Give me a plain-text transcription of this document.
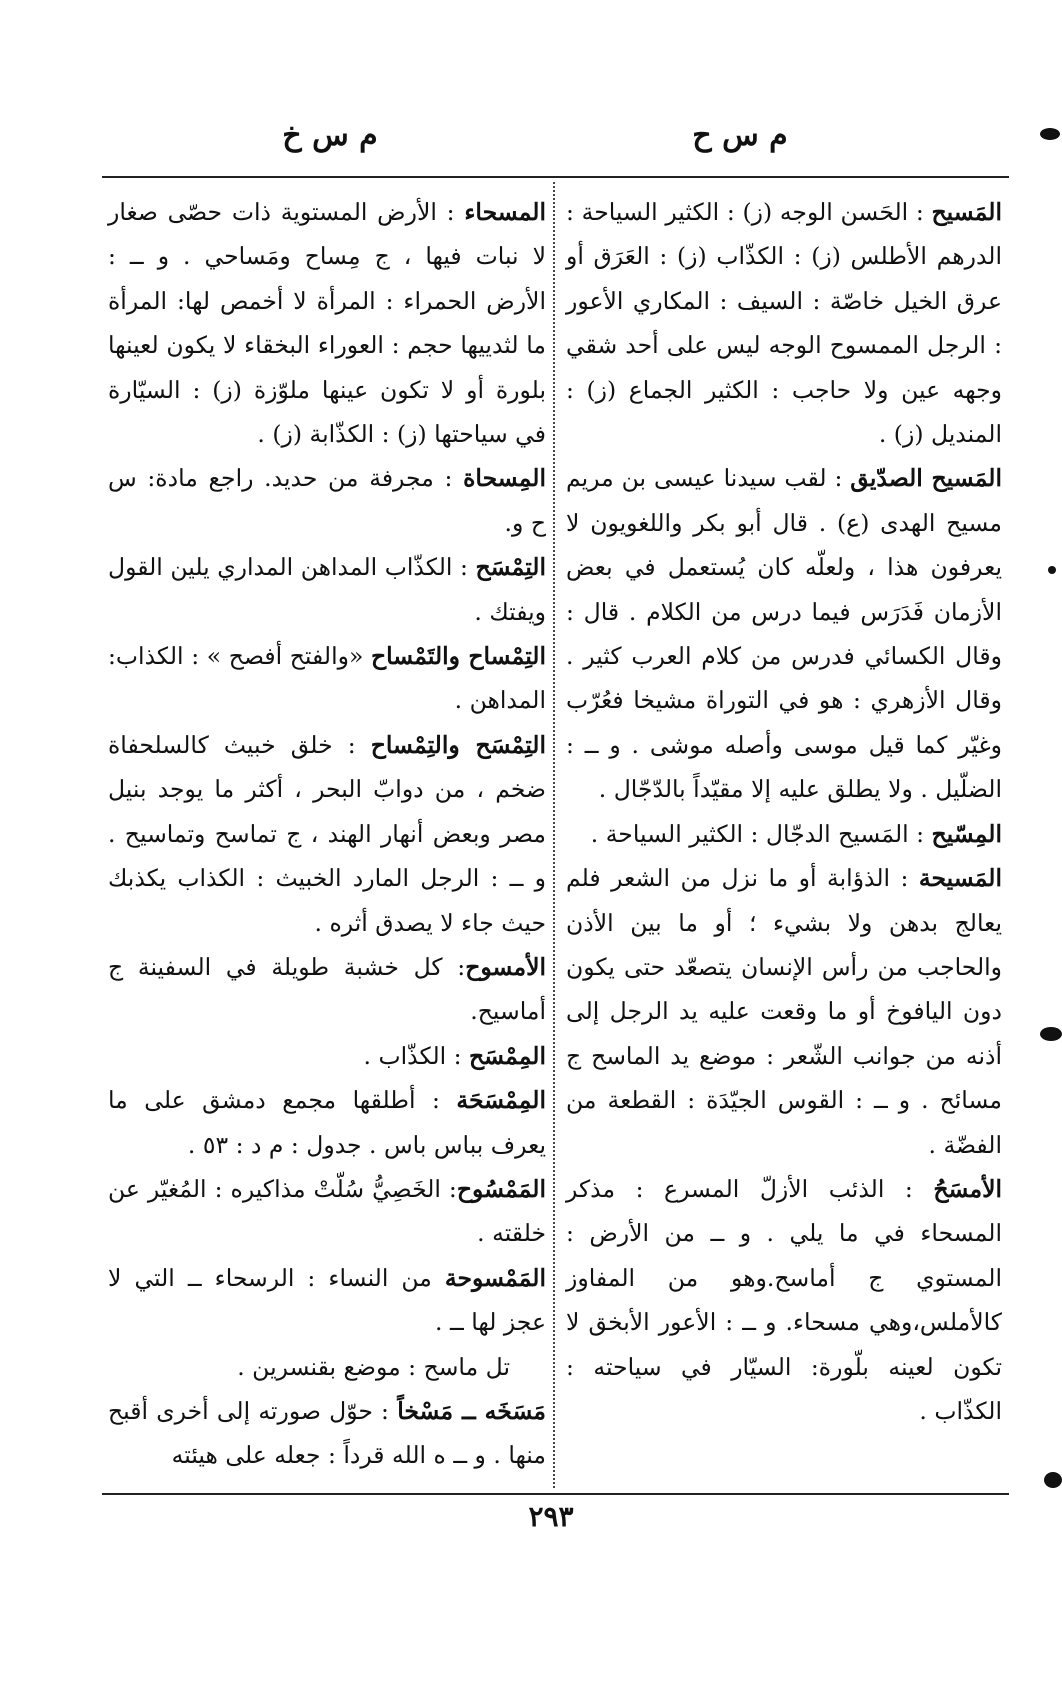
م س ح
م س خ

المَسيح : الحَسن الوجه (ز) : الكثير السياحة : الدرهم الأطلس (ز) : الكذّاب (ز) : العَرَق أو عرق الخيل خاصّة : السيف : المكاري الأعور : الرجل الممسوح الوجه ليس على أحد شقي وجهه عين ولا حاجب : الكثير الجماع (ز) : المنديل (ز) .

المَسيح الصدّيق : لقب سيدنا عيسى بن مريم مسيح الهدى (ع) . قال أبو بكر واللغويون لا يعرفون هذا ، ولعلّه كان يُستعمل في بعض الأزمان فَدَرَس فيما درس من الكلام . قال : وقال الكسائي فدرس من كلام العرب كثير . وقال الأزهري : هو في التوراة مشيخا فعُرّب وغيّر كما قيل موسى وأصله موشى . و ــ : الضلّيل . ولا يطلق عليه إلا مقيّداً بالدّجّال .

المِسّيح : المَسيح الدجّال : الكثير السياحة .

المَسيحة : الذؤابة أو ما نزل من الشعر فلم يعالج بدهن ولا بشيء ؛ أو ما بين الأذن والحاجب من رأس الإنسان يتصعّد حتى يكون دون اليافوخ أو ما وقعت عليه يد الرجل إلى أذنه من جوانب الشّعر : موضع يد الماسح ج مسائح . و ــ : القوس الجيّدَة : القطعة من الفضّة .

الأمسَحُ : الذئب الأزلّ المسرع : مذكر المسحاء في ما يلي . و ــ من الأرض : المستوي ج أماسح.وهو من المفاوز كالأملس،وهي مسحاء. و ــ : الأعور الأبخق لا تكون لعينه بلّورة: السيّار في سياحته : الكذّاب .

المسحاء : الأرض المستوية ذات حصّى صغار لا نبات فيها ، ج مِساح ومَساحي . و ــ : الأرض الحمراء : المرأة لا أخمص لها: المرأة ما لثدييها حجم : العوراء البخقاء لا يكون لعينها بلورة أو لا تكون عينها ملوّزة (ز) : السيّارة في سياحتها (ز) : الكذّابة (ز) .

المِسحاة : مجرفة من حديد. راجع مادة: س ح و.

التِمْسَح : الكذّاب المداهن المداري يلين القول ويفتك .

التِمْساح والتَمْساح «والفتح أفصح » : الكذاب: المداهن .

التِمْسَح والتِمْساح : خلق خبيث كالسلحفاة ضخم ، من دوابّ البحر ، أكثر ما يوجد بنيل مصر وبعض أنهار الهند ، ج تماسح وتماسيح . و ــ : الرجل المارد الخبيث : الكذاب يكذبك حيث جاء لا يصدق أثره .

الأمسوح: كل خشبة طويلة في السفينة ج أماسيح.

المِمْسَح : الكذّاب .

المِمْسَحَة : أطلقها مجمع دمشق على ما يعرف بباس باس . جدول : م د : ٥٣ .

المَمْسُوح: الخَصِيُّ سُلّتْ مذاكيره : المُغيّر عن خلقته .

المَمْسوحة من النساء : الرسحاء ــ التي لا عجز لها ــ .

تل ماسح : موضع بقنسرين .

مَسَخَه ــ مَسْخاً : حوّل صورته إلى أخرى أقبح منها . و ــ ه الله قرداً : جعله على هيئته

٢٩٣
